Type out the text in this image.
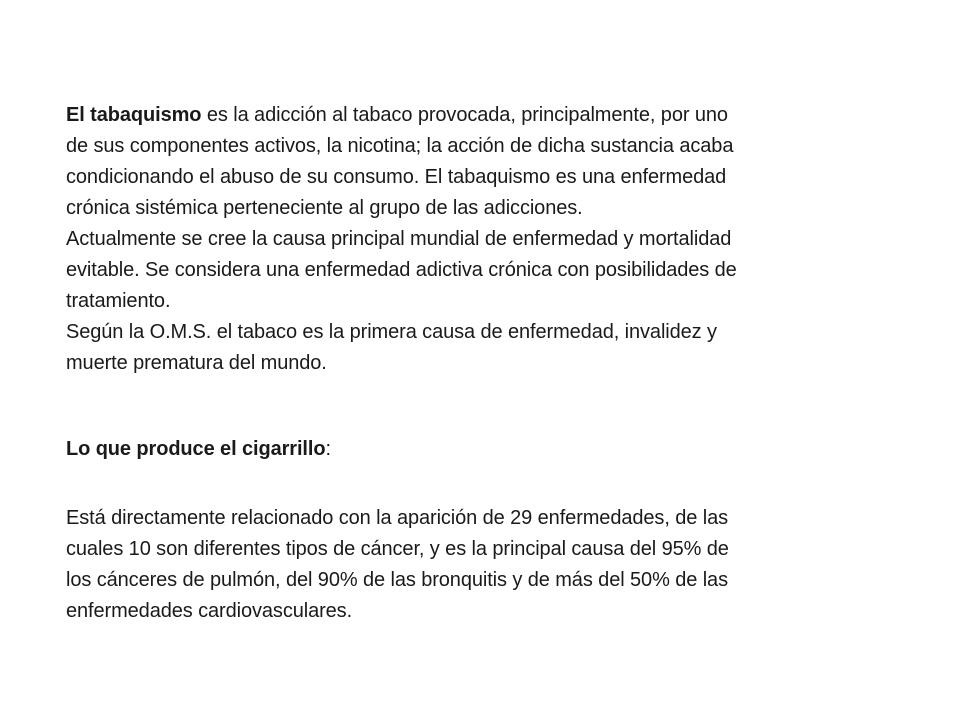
El tabaquismo es la adicción al tabaco provocada, principalmente, por uno
de sus componentes activos, la nicotina; la acción de dicha sustancia acaba
condicionando el abuso de su consumo. El tabaquismo es una enfermedad
crónica sistémica perteneciente al grupo de las adicciones.
Actualmente se cree la causa principal mundial de enfermedad y mortalidad
evitable. Se considera una enfermedad adictiva crónica con posibilidades de
tratamiento.
Según la O.M.S. el tabaco es la primera causa de enfermedad, invalidez y
muerte prematura del mundo.
Lo que produce el cigarrillo:
Está directamente relacionado con la aparición de 29 enfermedades, de las
cuales 10 son diferentes tipos de cáncer, y es la principal causa del 95% de
los cánceres de pulmón, del 90% de las bronquitis y de más del 50% de las
enfermedades cardiovasculares.
